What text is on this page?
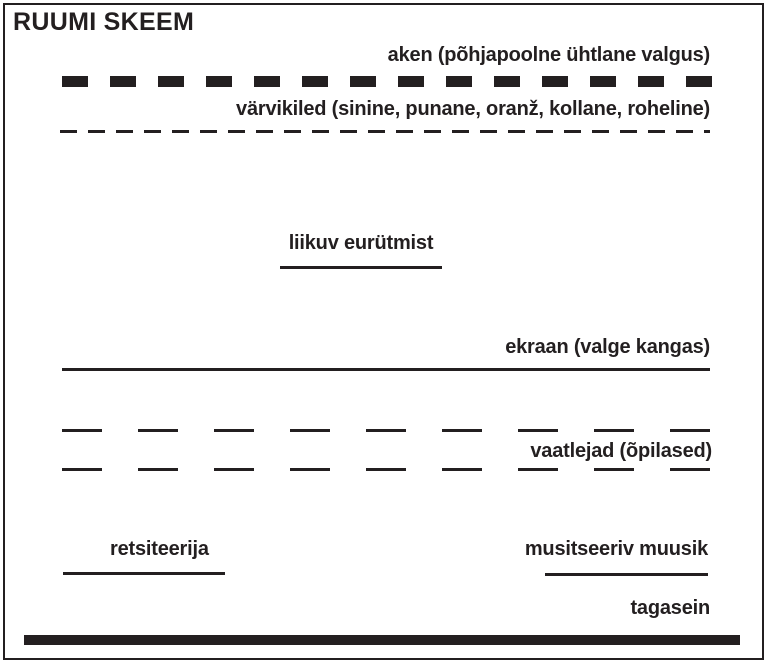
RUUMI SKEEM
aken (põhjapoolne ühtlane valgus)
värvikiled (sinine, punane, oranž, kollane, roheline)
liikuv eurütmist
ekraan (valge kangas)
vaatlejad (õpilased)
retsiteerija	musitseeriv muusik
tagasein
